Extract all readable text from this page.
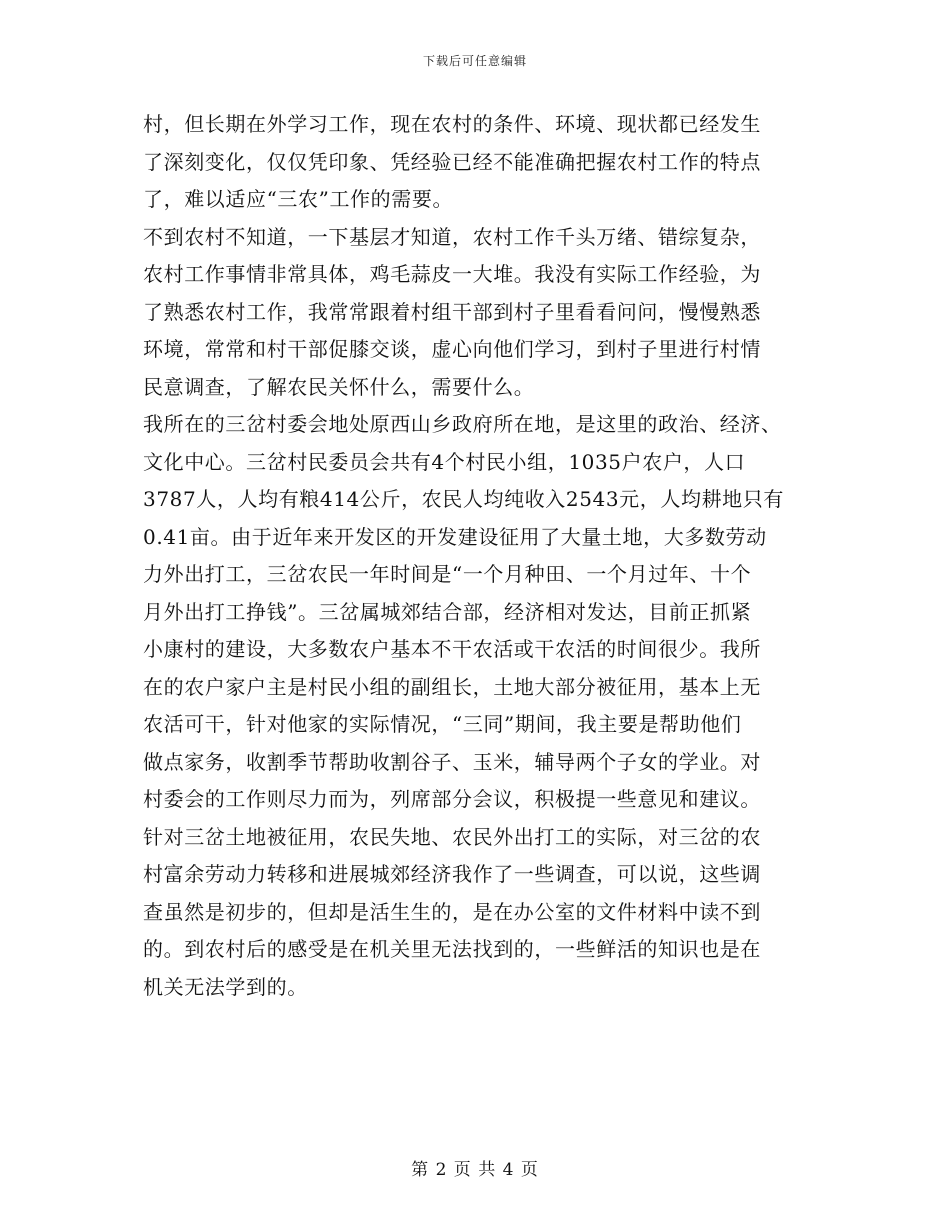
下载后可任意编辑
村，但长期在外学习工作，现在农村的条件、环境、现状都已经发生
了深刻变化，仅仅凭印象、凭经验已经不能准确把握农村工作的特点
了，难以适应“三农”工作的需要。
不到农村不知道，一下基层才知道，农村工作千头万绪、错综复杂，
农村工作事情非常具体，鸡毛蒜皮一大堆。我没有实际工作经验，为
了熟悉农村工作，我常常跟着村组干部到村子里看看问问，慢慢熟悉
环境，常常和村干部促膝交谈，虚心向他们学习，到村子里进行村情
民意调查，了解农民关怀什么，需要什么。
我所在的三岔村委会地处原西山乡政府所在地，是这里的政治、经济、
文化中心。三岔村民委员会共有4个村民小组，1035户农户，人口
3787人，人均有粮414公斤，农民人均纯收入2543元，人均耕地只有
0.41亩。由于近年来开发区的开发建设征用了大量土地，大多数劳动
力外出打工，三岔农民一年时间是“一个月种田、一个月过年、十个
月外出打工挣钱”。三岔属城郊结合部，经济相对发达，目前正抓紧
小康村的建设，大多数农户基本不干农活或干农活的时间很少。我所
在的农户家户主是村民小组的副组长，土地大部分被征用，基本上无
农活可干，针对他家的实际情况，“三同”期间，我主要是帮助他们
做点家务，收割季节帮助收割谷子、玉米，辅导两个子女的学业。对
村委会的工作则尽力而为，列席部分会议，积极提一些意见和建议。
针对三岔土地被征用，农民失地、农民外出打工的实际，对三岔的农
村富余劳动力转移和进展城郊经济我作了一些调查，可以说，这些调
查虽然是初步的，但却是活生生的，是在办公室的文件材料中读不到
的。到农村后的感受是在机关里无法找到的，一些鲜活的知识也是在
机关无法学到的。
第 2 页 共 4 页
